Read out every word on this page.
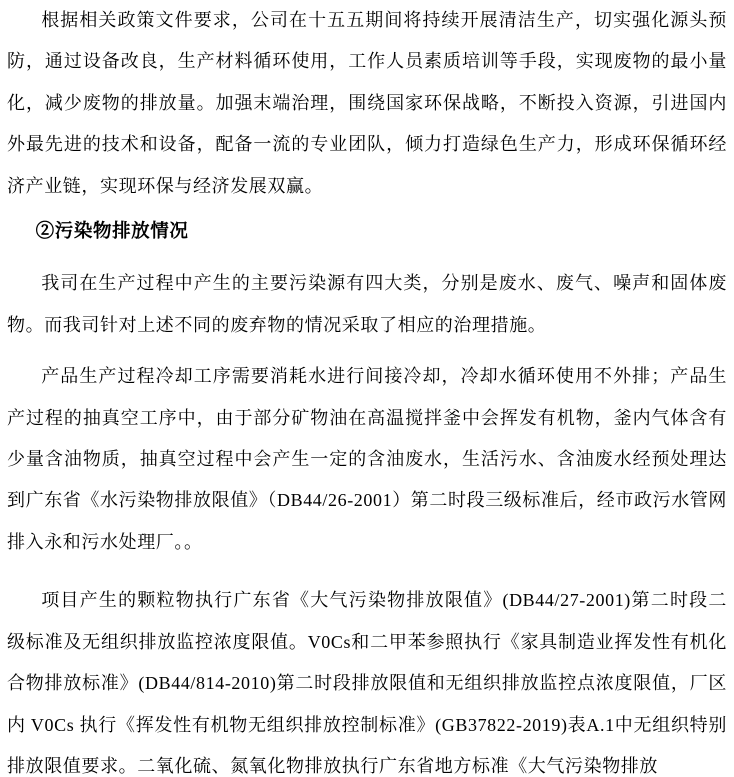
根据相关政策文件要求，公司在十五五期间将持续开展清洁生产，切实强化源头预防，通过设备改良，生产材料循环使用，工作人员素质培训等手段，实现废物的最小量化，减少废物的排放量。加强末端治理，围绕国家环保战略，不断投入资源，引进国内外最先进的技术和设备，配备一流的专业团队，倾力打造绿色生产力，形成环保循环经济产业链，实现环保与经济发展双赢。

②污染物排放情况

我司在生产过程中产生的主要污染源有四大类，分别是废水、废气、噪声和固体废物。而我司针对上述不同的废弃物的情况采取了相应的治理措施。

产品生产过程冷却工序需要消耗水进行间接冷却，冷却水循环使用不外排；产品生产过程的抽真空工序中，由于部分矿物油在高温搅拌釜中会挥发有机物，釜内气体含有少量含油物质，抽真空过程中会产生一定的含油废水，生活污水、含油废水经预处理达到广东省《水污染物排放限值》（DB44/26-2001）第二时段三级标准后，经市政污水管网排入永和污水处理厂。。

项目产生的颗粒物执行广东省《大气污染物排放限值》(DB44/27-2001)第二时段二级标准及无组织排放监控浓度限值。V0Cs和二甲苯参照执行《家具制造业挥发性有机化合物排放标准》(DB44/814-2010)第二时段排放限值和无组织排放监控点浓度限值，厂区内 V0Cs 执行《挥发性有机物无组织排放控制标准》(GB37822-2019)表A.1中无组织特别排放限值要求。二氧化硫、氮氧化物排放执行广东省地方标准《大气污染物排放
